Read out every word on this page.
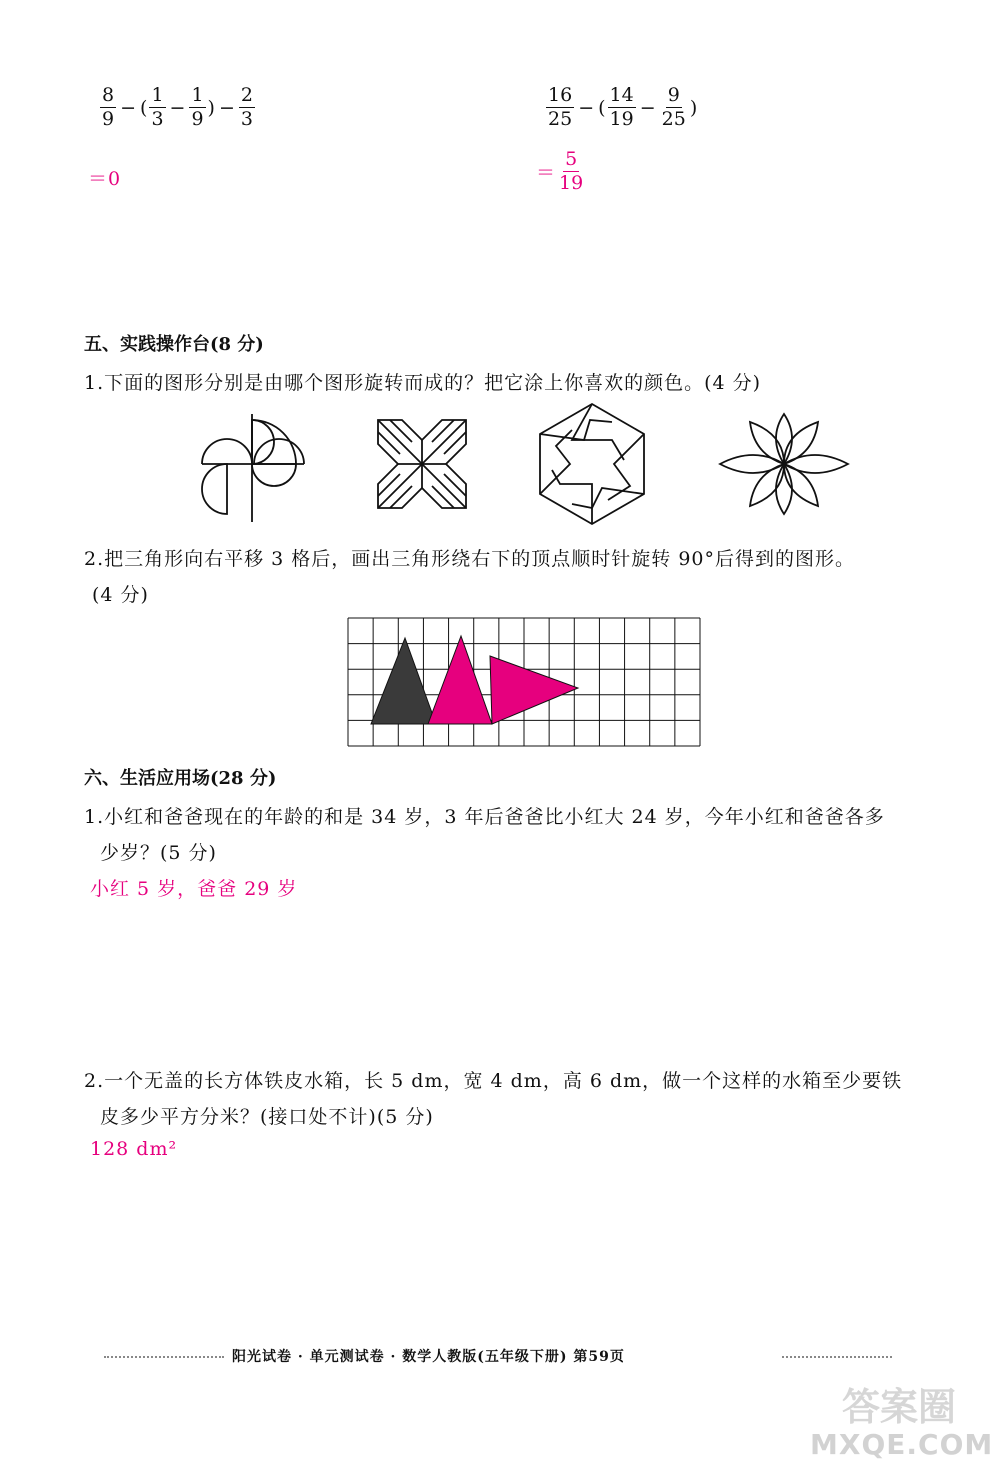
$\frac{8}{9}$ − ( $\frac{1}{3} - \frac{1}{9}$ ) − $\frac{2}{3}$
＝0
$\frac{16}{25}$ − ( $\frac{14}{19} - \frac{9}{25}$ )
＝ $\frac{5}{19}$
五、实践操作台(8 分)
1.下面的图形分别是由哪个图形旋转而成的？把它涂上你喜欢的颜色。(4 分)
2.把三角形向右平移 3 格后，画出三角形绕右下的顶点顺时针旋转 90°后得到的图形。
(4 分)
六、生活应用场(28 分)
1.小红和爸爸现在的年龄的和是 34 岁，3 年后爸爸比小红大 24 岁，今年小红和爸爸各多
少岁？(5 分)
小红 5 岁，爸爸 29 岁
2.一个无盖的长方体铁皮水箱，长 5 dm，宽 4 dm，高 6 dm，做一个这样的水箱至少要铁
皮多少平方分米？(接口处不计)(5 分)
128 dm²
阳光试卷 · 单元测试卷 · 数学人教版(五年级下册) 第59页
答案圈
MXQE.COM
